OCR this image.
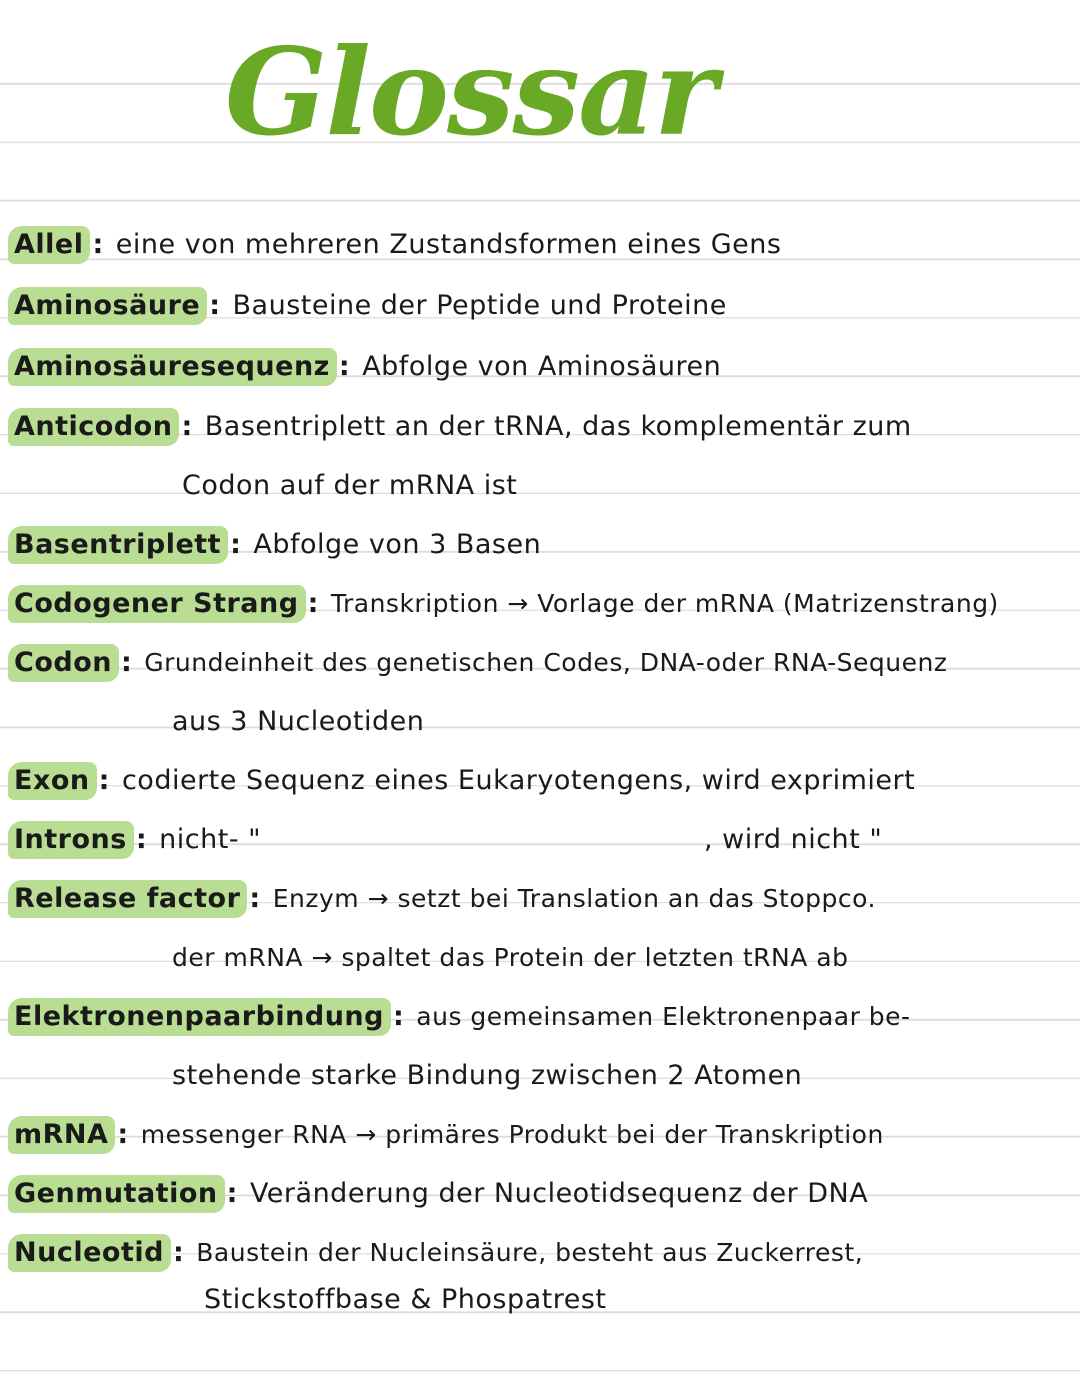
Glossar
Allel : eine von mehreren Zustandsformen eines Gens
Aminosäure : Bausteine der Peptide und Proteine
Aminosäuresequenz : Abfolge von Aminosäuren
Anticodon : Basentriplett an der tRNA, das komplementär zum
Codon auf der mRNA ist
Basentriplett : Abfolge von 3 Basen
Codogener Strang : Transkription → Vorlage der mRNA (Matrizenstrang)
Codon : Grundeinheit des genetischen Codes, DNA-oder RNA-Sequenz
aus 3 Nucleotiden
Exon : codierte Sequenz eines Eukaryotengens, wird exprimiert
Introns : nicht- "	, wird nicht "
Release factor : Enzym → setzt bei Translation an das Stoppco.
der mRNA → spaltet das Protein der letzten tRNA ab
Elektronenpaarbindung : aus gemeinsamen Elektronenpaar be-
stehende starke Bindung zwischen 2 Atomen
mRNA : messenger RNA → primäres Produkt bei der Transkription
Genmutation : Veränderung der Nucleotidsequenz der DNA
Nucleotid : Baustein der Nucleinsäure, besteht aus Zuckerrest,
Stickstoffbase & Phospatrest
